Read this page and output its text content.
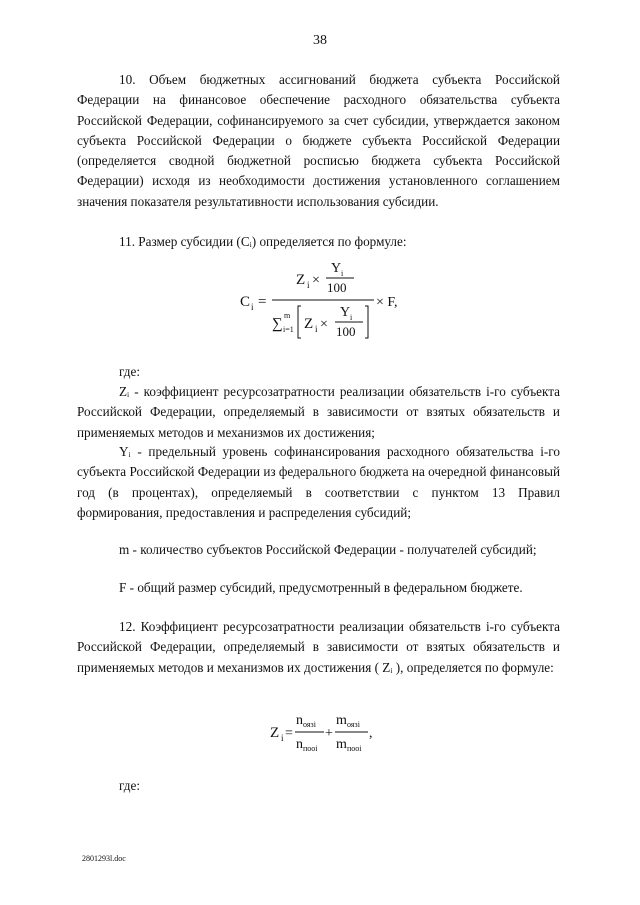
38

10. Объем бюджетных ассигнований бюджета субъекта Российской Федерации на финансовое обеспечение расходного обязательства субъекта Российской Федерации, софинансируемого за счет субсидии, утверждается законом субъекта Российской Федерации о бюджете субъекта Российской Федерации (определяется сводной бюджетной росписью бюджета субъекта Российской Федерации) исходя из необходимости достижения установленного соглашением значения показателя результативности использования субсидии.

11. Размер субсидии (Cᵢ) определяется по формуле:

C i =
Z i ×
Y i
100
∑
m
i=1 Z i ×
Y i
100
× F,

где:

Zᵢ - коэффициент ресурсозатратности реализации обязательств i-го субъекта Российской Федерации, определяемый в зависимости от взятых обязательств и применяемых методов и механизмов их достижения;

Yᵢ - предельный уровень софинансирования расходного обязательства i-го субъекта Российской Федерации из федерального бюджета на очередной финансовый год (в процентах), определяемый в соответствии с пунктом 13 Правил формирования, предоставления и распределения субсидий;

m - количество субъектов Российской Федерации - получателей субсидий;

F - общий размер субсидий, предусмотренный в федеральном бюджете.

12. Коэффициент ресурсозатратности реализации обязательств i-го субъекта Российской Федерации, определяемый в зависимости от взятых обязательств и применяемых методов и механизмов их достижения ( Zᵢ ), определяется по формуле:

Z i =
n оязi
n пооi
+
m оязi
m пооi
,

где:

2801293l.doc
